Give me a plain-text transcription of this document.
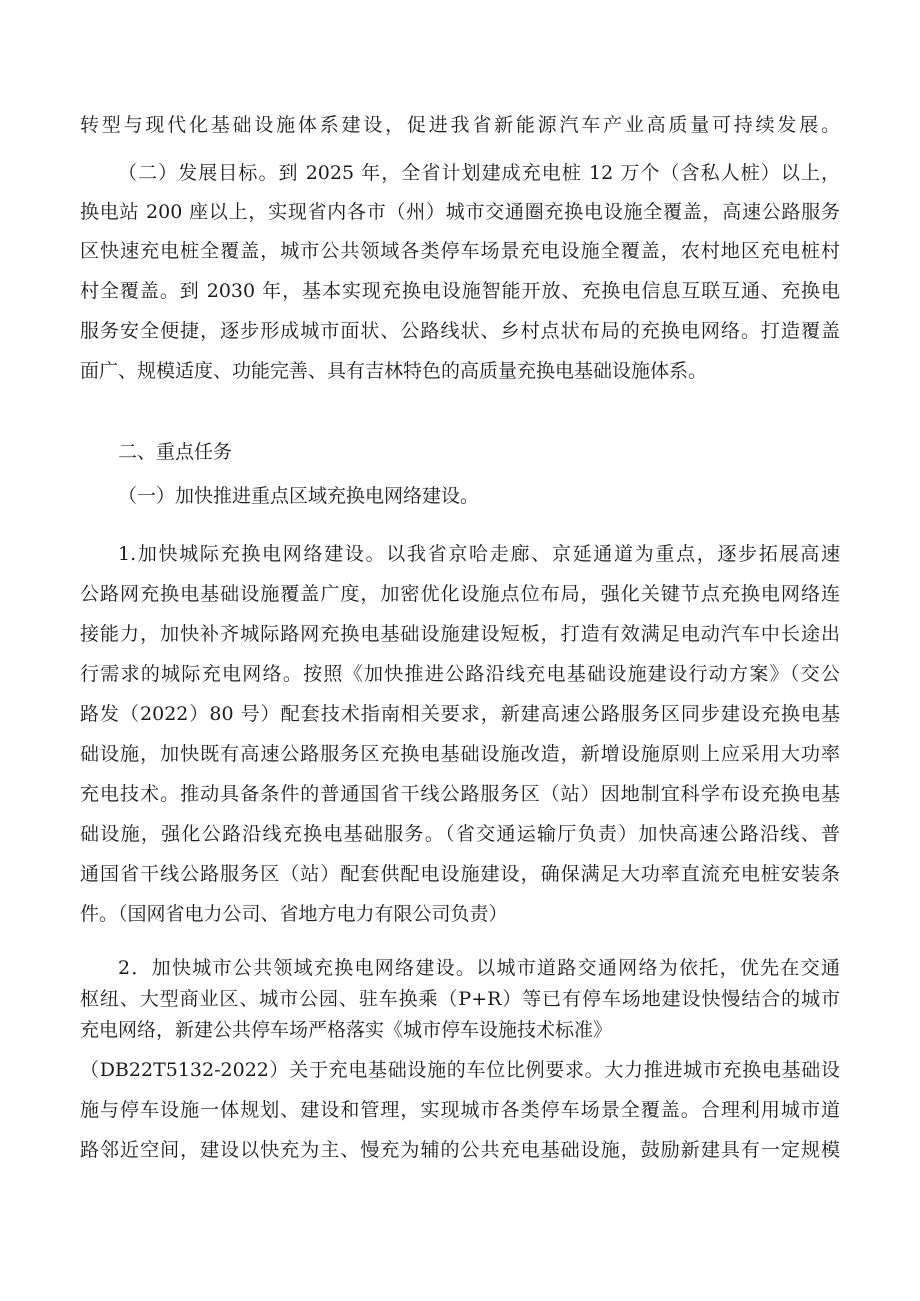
转型与现代化基础设施体系建设，促进我省新能源汽车产业高质量可持续发展。
（二）发展目标。到 2025 年，全省计划建成充电桩 12 万个（含私人桩）以上，
换电站 200 座以上，实现省内各市（州）城市交通圈充换电设施全覆盖，高速公路服务
区快速充电桩全覆盖，城市公共领域各类停车场景充电设施全覆盖，农村地区充电桩村
村全覆盖。到 2030 年，基本实现充换电设施智能开放、充换电信息互联互通、充换电
服务安全便捷，逐步形成城市面状、公路线状、乡村点状布局的充换电网络。打造覆盖
面广、规模适度、功能完善、具有吉林特色的高质量充换电基础设施体系。
二、重点任务
（一）加快推进重点区域充换电网络建设。
1.加快城际充换电网络建设。以我省京哈走廊、京延通道为重点，逐步拓展高速
公路网充换电基础设施覆盖广度，加密优化设施点位布局，强化关键节点充换电网络连
接能力，加快补齐城际路网充换电基础设施建设短板，打造有效满足电动汽车中长途出
行需求的城际充电网络。按照《加快推进公路沿线充电基础设施建设行动方案》（交公
路发（2022）80 号）配套技术指南相关要求，新建高速公路服务区同步建设充换电基
础设施，加快既有高速公路服务区充换电基础设施改造，新增设施原则上应采用大功率
充电技术。推动具备条件的普通国省干线公路服务区（站）因地制宜科学布设充换电基
础设施，强化公路沿线充换电基础服务。（省交通运输厅负责）加快高速公路沿线、普
通国省干线公路服务区（站）配套供配电设施建设，确保满足大功率直流充电桩安装条
件。（国网省电力公司、省地方电力有限公司负责）
2．加快城市公共领域充换电网络建设。以城市道路交通网络为依托，优先在交通
枢纽、大型商业区、城市公园、驻车换乘（P+R）等已有停车场地建设快慢结合的城市
充电网络，新建公共停车场严格落实《城市停车设施技术标准》
（DB22T5132-2022）关于充电基础设施的车位比例要求。大力推进城市充换电基础设
施与停车设施一体规划、建设和管理，实现城市各类停车场景全覆盖。合理利用城市道
路邻近空间，建设以快充为主、慢充为辅的公共充电基础设施，鼓励新建具有一定规模
